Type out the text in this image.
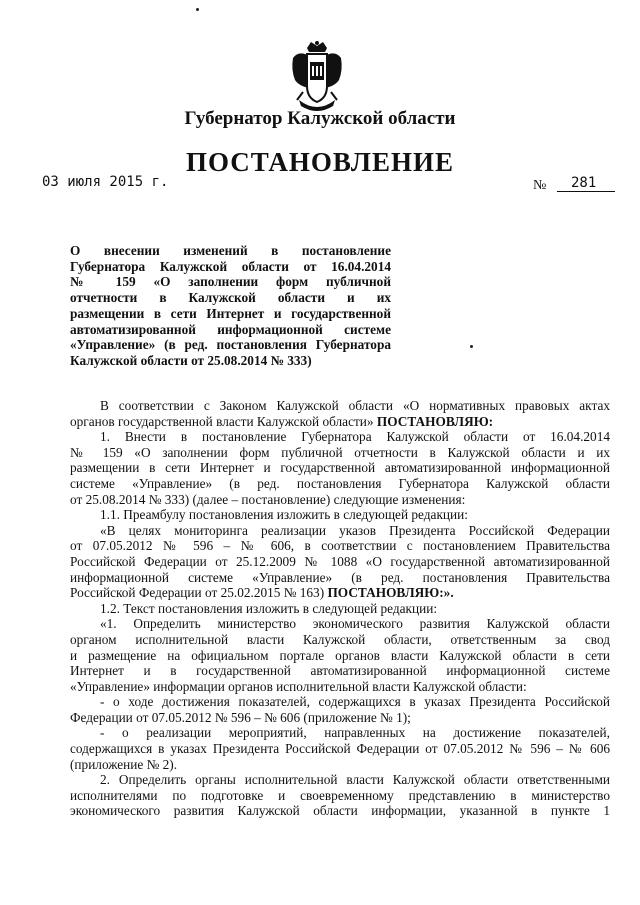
Губернатор Калужской области
ПОСТАНОВЛЕНИЕ
03 июля 2015 г.	№	281
О внесении изменений в постановление
Губернатора Калужской области от 16.04.2014
№ 159 «О заполнении форм публичной
отчетности в Калужской области и их
размещении в сети Интернет и государственной
автоматизированной информационной системе
«Управление» (в ред. постановления Губернатора
Калужской области от 25.08.2014 № 333)
В соответствии с Законом Калужской области «О нормативных правовых актах
органов государственной власти Калужской области» ПОСТАНОВЛЯЮ:
1. Внести в постановление Губернатора Калужской области от 16.04.2014
№ 159 «О заполнении форм публичной отчетности в Калужской области и их
размещении в сети Интернет и государственной автоматизированной информационной
системе «Управление» (в ред. постановления Губернатора Калужской области
от 25.08.2014 № 333) (далее – постановление) следующие изменения:
1.1. Преамбулу постановления изложить в следующей редакции:
«В целях мониторинга реализации указов Президента Российской Федерации
от 07.05.2012 № 596 – № 606, в соответствии с постановлением Правительства
Российской Федерации от 25.12.2009 № 1088 «О государственной автоматизированной
информационной системе «Управление» (в ред. постановления Правительства
Российской Федерации от 25.02.2015 № 163) ПОСТАНОВЛЯЮ:».
1.2. Текст постановления изложить в следующей редакции:
«1. Определить министерство экономического развития Калужской области
органом исполнительной власти Калужской области, ответственным за свод
и размещение на официальном портале органов власти Калужской области в сети
Интернет и в государственной автоматизированной информационной системе
«Управление» информации органов исполнительной власти Калужской области:
- о ходе достижения показателей, содержащихся в указах Президента Российской
Федерации от 07.05.2012 № 596 – № 606 (приложение № 1);
- о реализации мероприятий, направленных на достижение показателей,
содержащихся в указах Президента Российской Федерации от 07.05.2012 № 596 – № 606
(приложение № 2).
2. Определить органы исполнительной власти Калужской области ответственными
исполнителями по подготовке и своевременному представлению в министерство
экономического развития Калужской области информации, указанной в пункте 1
